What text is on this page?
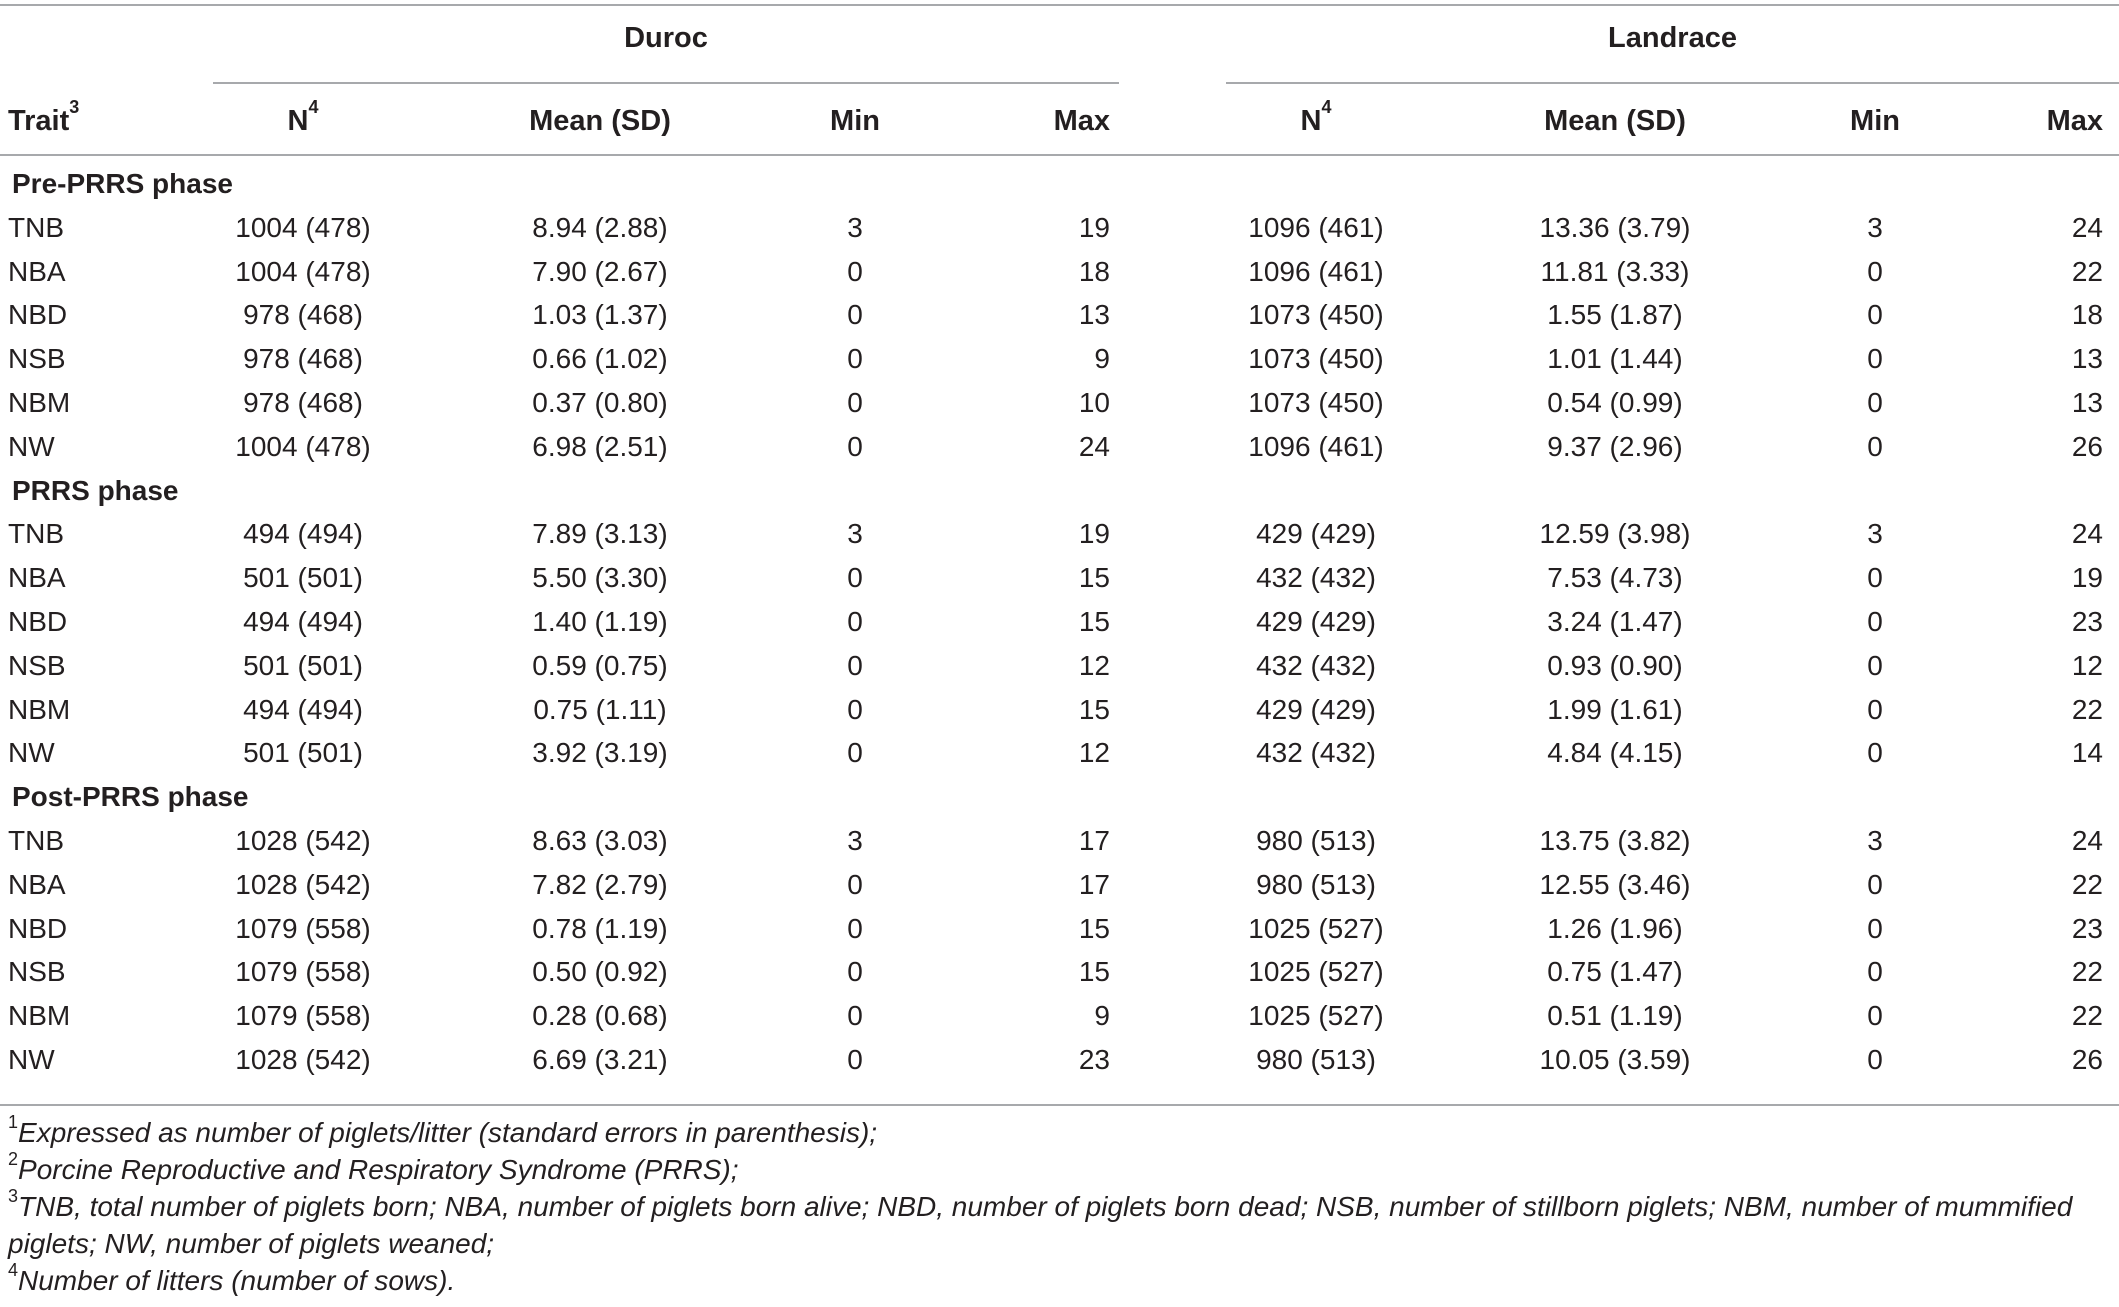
Duroc	Landrace
Trait$^3$	$N^4$	Mean (SD)	Min	Max	$N^4$	Mean (SD)	Min	Max
Pre-PRRS phase
TNB	1004 (478)	8.94 (2.88)	3	19	1096 (461)	13.36 (3.79)	3	24
NBA	1004 (478)	7.90 (2.67)	0	18	1096 (461)	11.81 (3.33)	0	22
NBD	978 (468)	1.03 (1.37)	0	13	1073 (450)	1.55 (1.87)	0	18
NSB	978 (468)	0.66 (1.02)	0	9	1073 (450)	1.01 (1.44)	0	13
NBM	978 (468)	0.37 (0.80)	0	10	1073 (450)	0.54 (0.99)	0	13
NW	1004 (478)	6.98 (2.51)	0	24	1096 (461)	9.37 (2.96)	0	26
PRRS phase
TNB	494 (494)	7.89 (3.13)	3	19	429 (429)	12.59 (3.98)	3	24
NBA	501 (501)	5.50 (3.30)	0	15	432 (432)	7.53 (4.73)	0	19
NBD	494 (494)	1.40 (1.19)	0	15	429 (429)	3.24 (1.47)	0	23
NSB	501 (501)	0.59 (0.75)	0	12	432 (432)	0.93 (0.90)	0	12
NBM	494 (494)	0.75 (1.11)	0	15	429 (429)	1.99 (1.61)	0	22
NW	501 (501)	3.92 (3.19)	0	12	432 (432)	4.84 (4.15)	0	14
Post-PRRS phase
TNB	1028 (542)	8.63 (3.03)	3	17	980 (513)	13.75 (3.82)	3	24
NBA	1028 (542)	7.82 (2.79)	0	17	980 (513)	12.55 (3.46)	0	22
NBD	1079 (558)	0.78 (1.19)	0	15	1025 (527)	1.26 (1.96)	0	23
NSB	1079 (558)	0.50 (0.92)	0	15	1025 (527)	0.75 (1.47)	0	22
NBM	1079 (558)	0.28 (0.68)	0	9	1025 (527)	0.51 (1.19)	0	22
NW	1028 (542)	6.69 (3.21)	0	23	980 (513)	10.05 (3.59)	0	26
$^1$Expressed as number of piglets/litter (standard errors in parenthesis);
$^2$Porcine Reproductive and Respiratory Syndrome (PRRS);
$^3$TNB, total number of piglets born; NBA, number of piglets born alive; NBD, number of piglets born dead; NSB, number of stillborn piglets; NBM, number of mummified piglets; NW, number of piglets weaned;
$^4$Number of litters (number of sows).
